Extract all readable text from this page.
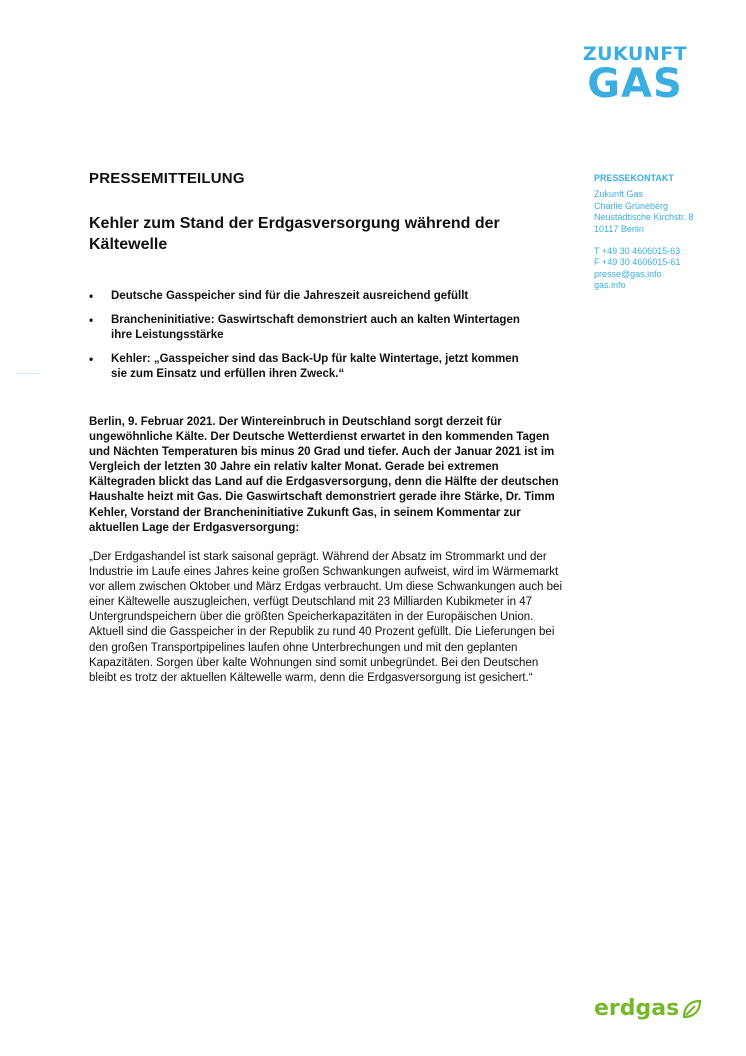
ZUKUNFT
GAS
PRESSEMITTEILUNG
Kehler zum Stand der Erdgasversorgung während der Kältewelle
• Deutsche Gasspeicher sind für die Jahreszeit ausreichend gefüllt
• Brancheninitiative: Gaswirtschaft demonstriert auch an kalten Wintertagen ihre Leistungsstärke
• Kehler: „Gasspeicher sind das Back-Up für kalte Wintertage, jetzt kommen sie zum Einsatz und erfüllen ihren Zweck.“

Berlin, 9. Februar 2021. Der Wintereinbruch in Deutschland sorgt derzeit für ungewöhnliche Kälte. Der Deutsche Wetterdienst erwartet in den kommenden Tagen und Nächten Temperaturen bis minus 20 Grad und tiefer. Auch der Januar 2021 ist im Vergleich der letzten 30 Jahre ein relativ kalter Monat. Gerade bei extremen Kältegraden blickt das Land auf die Erdgasversorgung, denn die Hälfte der deutschen Haushalte heizt mit Gas. Die Gaswirtschaft demonstriert gerade ihre Stärke, Dr. Timm Kehler, Vorstand der Brancheninitiative Zukunft Gas, in seinem Kommentar zur aktuellen Lage der Erdgasversorgung:

„Der Erdgashandel ist stark saisonal geprägt. Während der Absatz im Strommarkt und der Industrie im Laufe eines Jahres keine großen Schwankungen aufweist, wird im Wärmemarkt vor allem zwischen Oktober und März Erdgas verbraucht. Um diese Schwankungen auch bei einer Kältewelle auszugleichen, verfügt Deutschland mit 23 Milliarden Kubikmeter in 47 Untergrundspeichern über die größten Speicherkapazitäten in der Europäischen Union. Aktuell sind die Gasspeicher in der Republik zu rund 40 Prozent gefüllt. Die Lieferungen bei den großen Transportpipelines laufen ohne Unterbrechungen und mit den geplanten Kapazitäten. Sorgen über kalte Wohnungen sind somit unbegründet. Bei den Deutschen bleibt es trotz der aktuellen Kältewelle warm, denn die Erdgasversorgung ist gesichert.“

PRESSEKONTAKT
Zukunft Gas
Charlie Grüneberg
Neustädtische Kirchstr. 8
10117 Berlin
T +49 30 4606015-63
F +49 30 4606015-61
presse@gas.info
gas.info
erdgas
